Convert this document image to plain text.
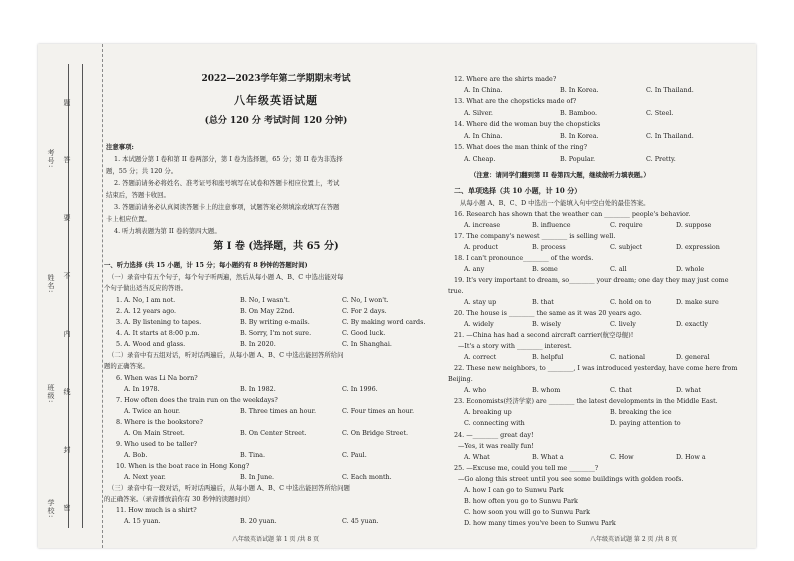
考号:
姓名:
班级:
学校:
题
答
要
不
内
线
封
密
2022—2023学年第二学期期末考试
八年级英语试题
(总分 120 分 考试时间 120 分钟)
注意事项:
1. 本试题分第 I 卷和第 II 卷两部分，第 I 卷为选择题，65 分；第 II 卷为非选择
题，55 分；共 120 分。
2. 答题前请务必将姓名、准考证号和座号填写在试卷和答题卡相应位置上，考试
结束后，答题卡收回。
3. 答题前请务必认真阅读答题卡上的注意事项，试题答案必须填涂或填写在答题
卡上相应位置。
4. 听力填表题为第 II 卷的第四大题。
第 I 卷 (选择题，共 65 分)
一、听力选择 (共 15 小题，计 15 分；每小题约有 8 秒钟的答题时间)
（一）录音中有五个句子，每个句子听两遍，然后从每小题 A、B、C 中选出能对每
个句子做出适当反应的答语。
1. A. No, I am not.	B. No, I wasn't.	C. No, I won't.
2. A. 12 years ago.	B. On May 22nd.	C. For 2 days.
3. A. By listening to tapes.	B. By writing e-mails.	C. By making word cards.
4. A. It starts at 8:00 p.m.	B. Sorry, I'm not sure.	C. Good luck.
5. A. Wood and glass.	B. In 2020.	C. In Shanghai.
（二）录音中有五组对话，听对话两遍后，从每小题 A、B、C 中选出能回答所给问
题的正确答案。
6. When was Li Na born?
A. In 1978.	B. In 1982.	C. In 1996.
7. How often does the train run on the weekdays?
A. Twice an hour.	B. Three times an hour.	C. Four times an hour.
8. Where is the bookstore?
A. On Main Street.	B. On Center Street.	C. On Bridge Street.
9. Who used to be taller?
A. Bob.	B. Tina.	C. Paul.
10. When is the boat race in Hong Kong?
A. Next year.	B. In June.	C. Each month.
（三）录音中有一段对话，听对话两遍后，从每小题 A、B、C 中选出能回答所给问题
的正确答案。（录音播放前你有 30 秒钟的读题时间）
11. How much is a shirt?
A. 15 yuan.	B. 20 yuan.	C. 45 yuan.
八年级英语试题 第 1 页 /共 8 页
12. Where are the shirts made?
A. In China.	B. In Korea.	C. In Thailand.
13. What are the chopsticks made of?
A. Silver.	B. Bamboo.	C. Steel.
14. Where did the woman buy the chopsticks
A. In China.	B. In Korea.	C. In Thailand.
15. What does the man think of the ring?
A. Cheap.	B. Popular.	C. Pretty.
（注意：请同学们翻到第 II 卷第四大题，继续做听力填表题。）
二、单项选择（共 10 小题，计 10 分）
从每小题 A、B、C、D 中选出一个能填入句中空白处的最佳答案。
16. Research has shown that the weather can ________ people's behavior.
A. increase	B. influence	C. require	D. suppose
17. The company's newest ________ is selling well.
A. product	B. process	C. subject	D. expression
18. I can't pronounce________ of the words.
A. any	B. some	C. all	D. whole
19. It's very important to dream, so________ your dream; one day they may just come
true.
A. stay up	B. that	C. hold on to	D. make sure
20. The house is ________ the same as it was 20 years ago.
A. widely	B. wisely	C. lively	D. exactly
21. —China has had a second aircraft carrier(航空母舰)!
—It's a story with ________ interest.
A. correct	B. helpful	C. national	D. general
22. These new neighbors, to ________, I was introduced yesterday, have come here from
Beijing.
A. who	B. whom	C. that	D. what
23. Economists(经济学家) are ________ the latest developments in the Middle East.
A. breaking up	B. breaking the ice
C. connecting with	D. paying attention to
24. —________ great day!
—Yes, it was really fun!
A. What	B. What a	C. How	D. How a
25. —Excuse me, could you tell me ________?
—Go along this street until you see some buildings with golden roofs.
A. how I can go to Sunwu Park
B. how often you go to Sunwu Park
C. how soon you will go to Sunwu Park
D. how many times you've been to Sunwu Park
八年级英语试题 第 2 页 /共 8 页
